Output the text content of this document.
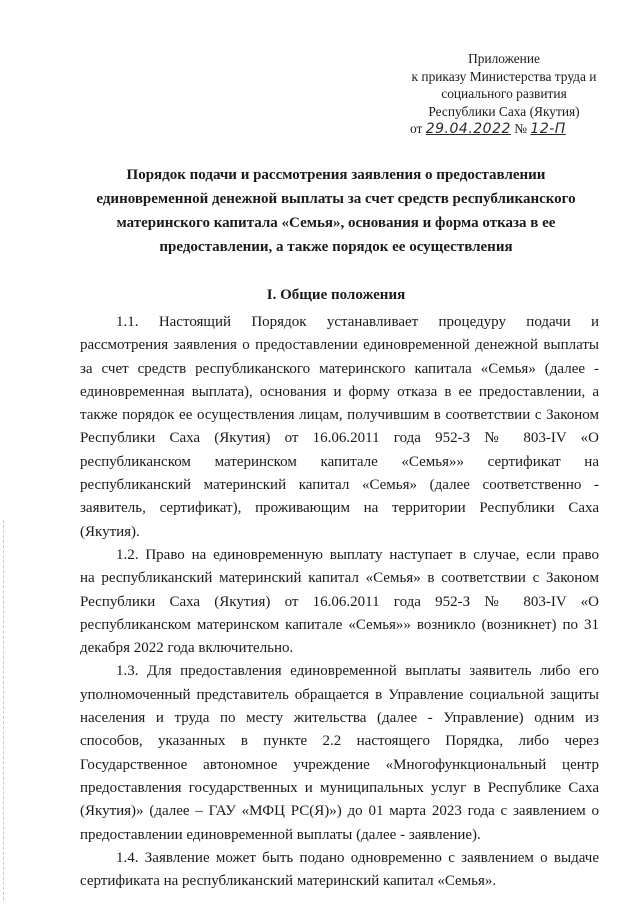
Приложение
к приказу Министерства труда и
социального развития
Республики Саха (Якутия)
от 29.04.2022 № 12-П
Порядок подачи и рассмотрения заявления о предоставлении
единовременной денежной выплаты за счет средств республиканского
материнского капитала «Семья», основания и форма отказа в ее
предоставлении, а также порядок ее осуществления
I. Общие положения
1.1. Настоящий Порядок устанавливает процедуру подачи и
рассмотрения заявления о предоставлении единовременной денежной выплаты
за счет средств республиканского материнского капитала «Семья» (далее -
единовременная выплата), основания и форму отказа в ее предоставлении, а
также порядок ее осуществления лицам, получившим в соответствии с Законом
Республики Саха (Якутия) от 16.06.2011 года 952-З № 803-IV «О
республиканском материнском капитале «Семья»» сертификат на
республиканский материнский капитал «Семья» (далее соответственно -
заявитель, сертификат), проживающим на территории Республики Саха
(Якутия).
1.2. Право на единовременную выплату наступает в случае, если право
на республиканский материнский капитал «Семья» в соответствии с Законом
Республики Саха (Якутия) от 16.06.2011 года 952-З № 803-IV «О
республиканском материнском капитале «Семья»» возникло (возникнет) по 31
декабря 2022 года включительно.
1.3. Для предоставления единовременной выплаты заявитель либо его
уполномоченный представитель обращается в Управление социальной защиты
населения и труда по месту жительства (далее - Управление) одним из
способов, указанных в пункте 2.2 настоящего Порядка, либо через
Государственное автономное учреждение «Многофункциональный центр
предоставления государственных и муниципальных услуг в Республике Саха
(Якутия)» (далее – ГАУ «МФЦ РС(Я)») до 01 марта 2023 года с заявлением о
предоставлении единовременной выплаты (далее - заявление).
1.4. Заявление может быть подано одновременно с заявлением о выдаче
сертификата на республиканский материнский капитал «Семья».
